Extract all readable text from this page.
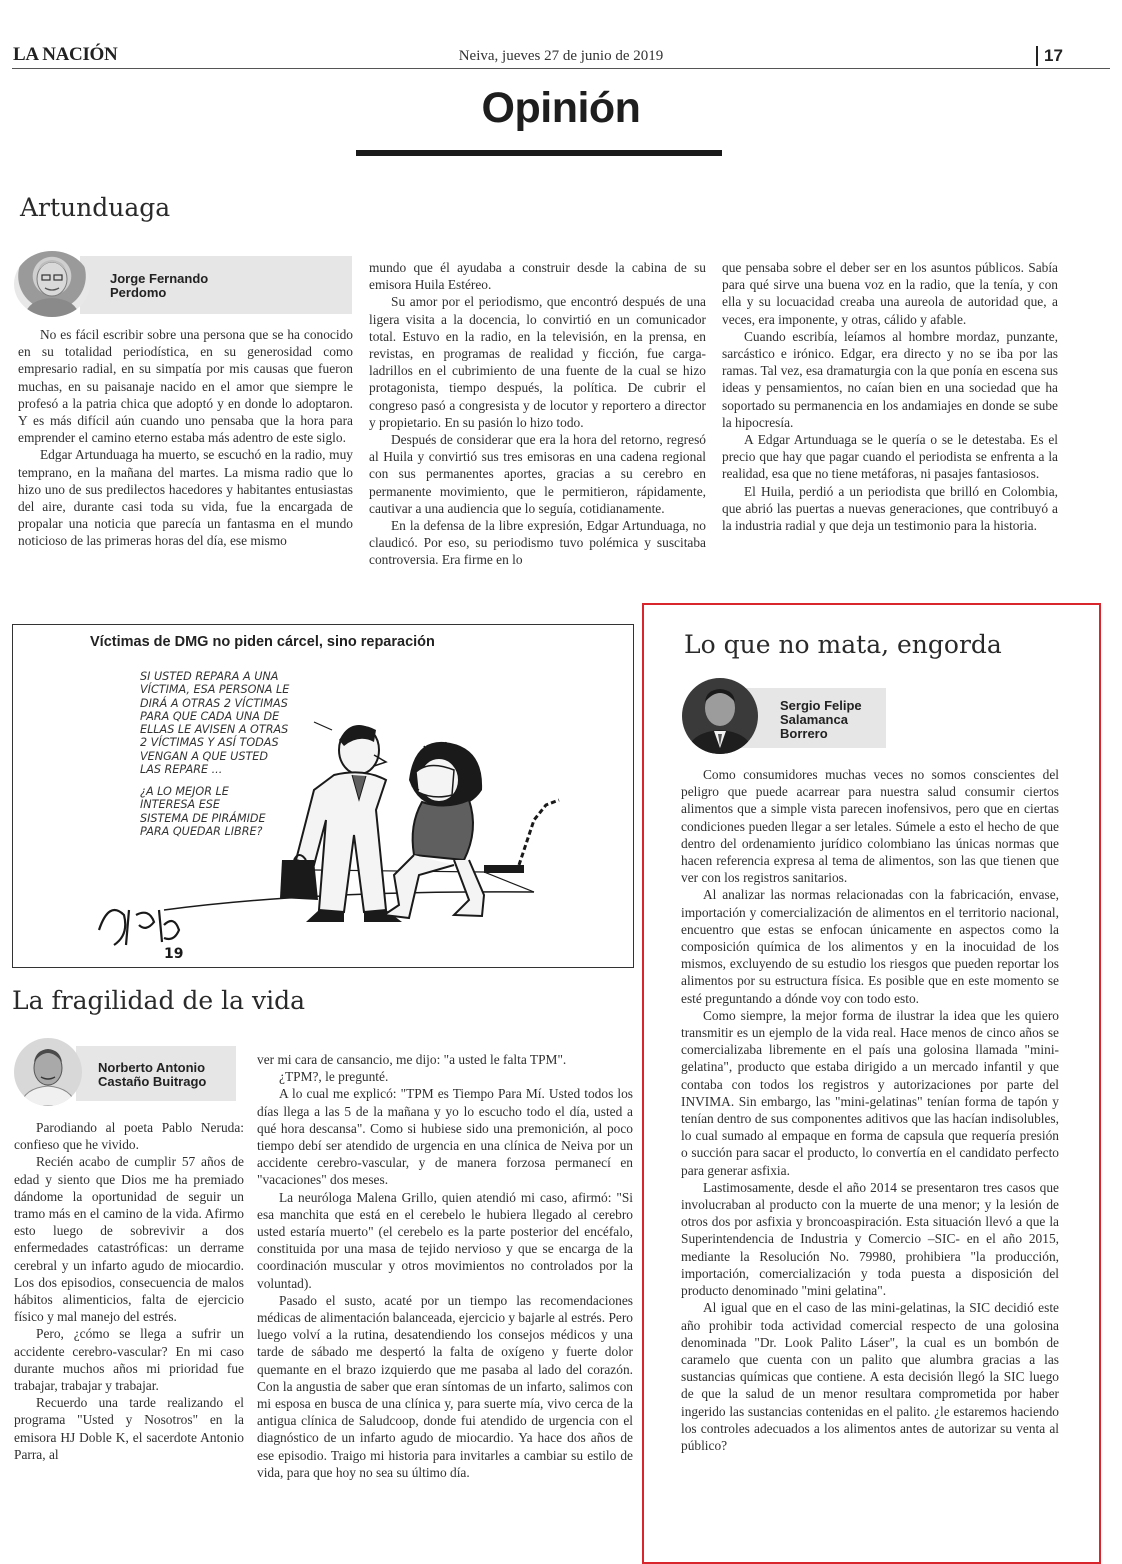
LA NACIÓN	Neiva, jueves 27 de junio de 2019	17
Opinión
Artunduaga
Jorge Fernando
Perdomo

No es fácil escribir sobre una persona que se ha conocido en su totalidad periodística, en su generosidad como empresario radial, en su simpatía por mis causas que fueron muchas, en su paisanaje nacido en el amor que siempre le profesó a la patria chica que adoptó y en donde lo adoptaron. Y es más difícil aún cuando uno pensaba que la hora para emprender el camino eterno estaba más adentro de este siglo.

Edgar Artunduaga ha muerto, se escuchó en la radio, muy temprano, en la mañana del martes. La misma radio que lo hizo uno de sus predilectos hacedores y habitantes entusiastas del aire, durante casi toda su vida, fue la encargada de propalar una noticia que parecía un fantasma en el mundo noticioso de las primeras horas del día, ese mismo

mundo que él ayudaba a construir desde la cabina de su emisora Huila Estéreo.

Su amor por el periodismo, que encontró después de una ligera visita a la docencia, lo convirtió en un comunicador total. Estuvo en la radio, en la televisión, en la prensa, en revistas, en programas de realidad y ficción, fue carga-ladrillos en el cubrimiento de una fuente de la cual se hizo protagonista, tiempo después, la política. De cubrir el congreso pasó a congresista y de locutor y reportero a director y propietario. En su pasión lo hizo todo.

Después de considerar que era la hora del retorno, regresó al Huila y convirtió sus tres emisoras en una cadena regional con sus permanentes aportes, gracias a su cerebro en permanente movimiento, que le permitieron, rápidamente, cautivar a una audiencia que lo seguía, cotidianamente.

En la defensa de la libre expresión, Edgar Artunduaga, no claudicó. Por eso, su periodismo tuvo polémica y suscitaba controversia. Era firme en lo

que pensaba sobre el deber ser en los asuntos públicos. Sabía para qué sirve una buena voz en la radio, que la tenía, y con ella y su locuacidad creaba una aureola de autoridad que, a veces, era imponente, y otras, cálido y afable.

Cuando escribía, leíamos al hombre mordaz, punzante, sarcástico e irónico. Edgar, era directo y no se iba por las ramas. Tal vez, esa dramaturgia con la que ponía en escena sus ideas y pensamientos, no caían bien en una sociedad que ha soportado su permanencia en los andamiajes en donde se sube la hipocresía.

A Edgar Artunduaga se le quería o se le detestaba. Es el precio que hay que pagar cuando el periodista se enfrenta a la realidad, esa que no tiene metáforas, ni pasajes fantasiosos.

El Huila, perdió a un periodista que brilló en Colombia, que abrió las puertas a nuevas generaciones, que contribuyó a la industria radial y que deja un testimonio para la historia.

Víctimas de DMG no piden cárcel, sino reparación
19
SI USTED REPARA A UNA
VÍCTIMA, ESA PERSONA LE
DIRÁ A OTRAS 2 VÍCTIMAS
PARA QUE CADA UNA DE
ELLAS LE AVISEN A OTRAS
2 VÍCTIMAS Y ASÍ TODAS
VENGAN A QUE USTED
LAS REPARE ...
¿A LO MEJOR LE
INTERESA ESE
SISTEMA DE PIRÁMIDE
PARA QUEDAR LIBRE?
La fragilidad de la vida
Norberto Antonio
Castaño Buitrago

Parodiando al poeta Pablo Neruda: confieso que he vivido.

Recién acabo de cumplir 57 años de edad y siento que Dios me ha premiado dándome la oportunidad de seguir un tramo más en el camino de la vida. Afirmo esto luego de sobrevivir a dos enfermedades catastróficas: un derrame cerebral y un infarto agudo de miocardio. Los dos episodios, consecuencia de malos hábitos alimenticios, falta de ejercicio físico y mal manejo del estrés.

Pero, ¿cómo se llega a sufrir un accidente cerebro-vascular? En mi caso durante muchos años mi prioridad fue trabajar, trabajar y trabajar.

Recuerdo una tarde realizando el programa "Usted y Nosotros" en la emisora HJ Doble K, el sacerdote Antonio Parra, al

ver mi cara de cansancio, me dijo: "a usted le falta TPM".

¿TPM?, le pregunté.

A lo cual me explicó: "TPM es Tiempo Para Mí. Usted todos los días llega a las 5 de la mañana y yo lo escucho todo el día, usted a qué hora descansa". Como si hubiese sido una premonición, al poco tiempo debí ser atendido de urgencia en una clínica de Neiva por un accidente cerebro-vascular, y de manera forzosa permanecí en "vacaciones" dos meses.

La neuróloga Malena Grillo, quien atendió mi caso, afirmó: "Si esa manchita que está en el cerebelo le hubiera llegado al cerebro usted estaría muerto" (el cerebelo es la parte posterior del encéfalo, constituida por una masa de tejido nervioso y que se encarga de la coordinación muscular y otros movimientos no controlados por la voluntad).

Pasado el susto, acaté por un tiempo las recomendaciones médicas de alimentación balanceada, ejercicio y bajarle al estrés. Pero luego volví a la rutina, desatendiendo los consejos médicos y una tarde de sábado me despertó la falta de oxígeno y fuerte dolor quemante en el brazo izquierdo que me pasaba al lado del corazón. Con la angustia de saber que eran síntomas de un infarto, salimos con mi esposa en busca de una clínica y, para suerte mía, vivo cerca de la antigua clínica de Saludcoop, donde fui atendido de urgencia con el diagnóstico de un infarto agudo de miocardio. Ya hace dos años de ese episodio. Traigo mi historia para invitarles a cambiar su estilo de vida, para que hoy no sea su último día.

Lo que no mata, engorda
Sergio Felipe
Salamanca
Borrero

Como consumidores muchas veces no somos conscientes del peligro que puede acarrear para nuestra salud consumir ciertos alimentos que a simple vista parecen inofensivos, pero que en ciertas condiciones pueden llegar a ser letales. Súmele a esto el hecho de que dentro del ordenamiento jurídico colombiano las únicas normas que hacen referencia expresa al tema de alimentos, son las que tienen que ver con los registros sanitarios.

Al analizar las normas relacionadas con la fabricación, envase, importación y comercialización de alimentos en el territorio nacional, encuentro que estas se enfocan únicamente en aspectos como la composición química de los alimentos y en la inocuidad de los mismos, excluyendo de su estudio los riesgos que pueden reportar los alimentos por su estructura física. Es posible que en este momento se esté preguntando a dónde voy con todo esto.

Como siempre, la mejor forma de ilustrar la idea que les quiero transmitir es un ejemplo de la vida real. Hace menos de cinco años se comercializaba libremente en el país una golosina llamada "mini-gelatina", producto que estaba dirigido a un mercado infantil y que contaba con todos los registros y autorizaciones por parte del INVIMA. Sin embargo, las "mini-gelatinas" tenían forma de tapón y tenían dentro de sus componentes aditivos que las hacían indisolubles, lo cual sumado al empaque en forma de capsula que requería presión o succión para sacar el producto, lo convertía en el candidato perfecto para generar asfixia.

Lastimosamente, desde el año 2014 se presentaron tres casos que involucraban al producto con la muerte de una menor; y la lesión de otros dos por asfixia y broncoaspiración. Esta situación llevó a que la Superintendencia de Industria y Comercio –SIC- en el año 2015, mediante la Resolución No. 79980, prohibiera "la producción, importación, comercialización y toda puesta a disposición del producto denominado "mini gelatina".

Al igual que en el caso de las mini-gelatinas, la SIC decidió este año prohibir toda actividad comercial respecto de una golosina denominada "Dr. Look Palito Láser", la cual es un bombón de caramelo que cuenta con un palito que alumbra gracias a las sustancias químicas que contiene. A esta decisión llegó la SIC luego de que la salud de un menor resultara comprometida por haber ingerido las sustancias contenidas en el palito. ¿le estaremos haciendo los controles adecuados a los alimentos antes de autorizar su venta al público?
